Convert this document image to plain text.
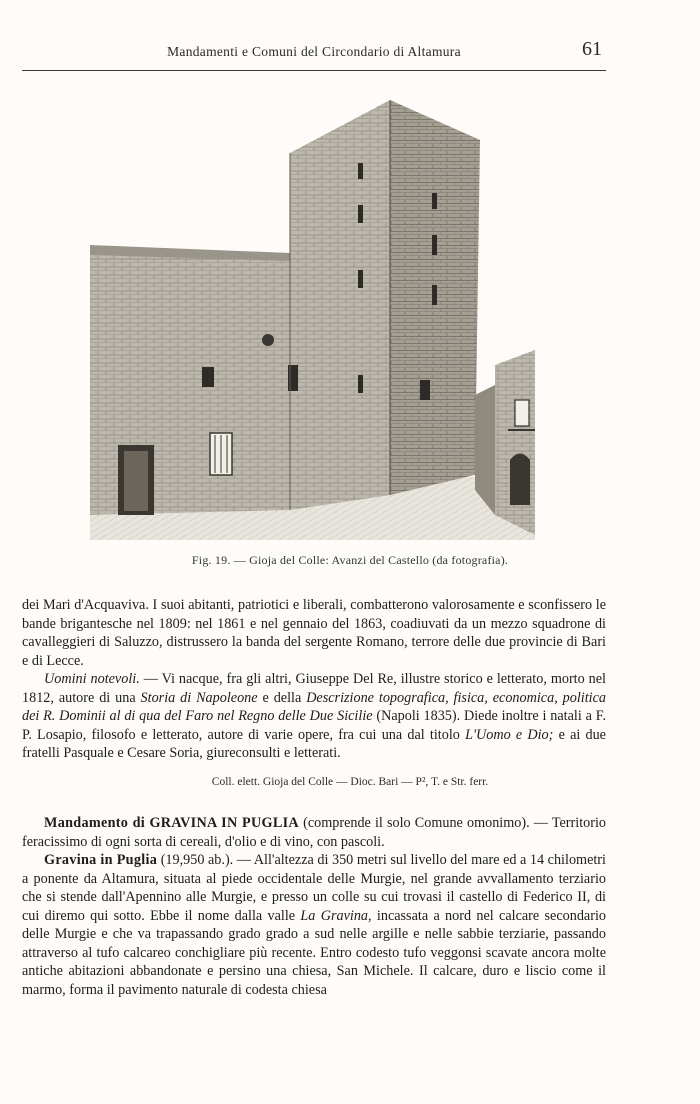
Mandamenti e Comuni del Circondario di Altamura	61
Fig. 19. — Gioja del Colle: Avanzi del Castello (da fotografia).

dei Mari d'Acquaviva. I suoi abitanti, patriotici e liberali, combatterono valorosamente e sconfissero le bande brigantesche nel 1809: nel 1861 e nel gennaio del 1863, coadiuvati da un mezzo squadrone di cavalleggieri di Saluzzo, distrussero la banda del sergente Romano, terrore delle due provincie di Bari e di Lecce.

Uomini notevoli. — Vi nacque, fra gli altri, Giuseppe Del Re, illustre storico e letterato, morto nel 1812, autore di una Storia di Napoleone e della Descrizione topografica, fisica, economica, politica dei R. Dominii al di qua del Faro nel Regno delle Due Sicilie (Napoli 1835). Diede inoltre i natali a F. P. Losapio, filosofo e letterato, autore di varie opere, fra cui una dal titolo L'Uomo e Dio; e ai due fratelli Pasquale e Cesare Soria, giureconsulti e letterati.

Coll. elett. Gioja del Colle — Dioc. Bari — P², T. e Str. ferr.

Mandamento di GRAVINA IN PUGLIA (comprende il solo Comune omonimo). — Territorio feracissimo di ogni sorta di cereali, d'olio e di vino, con pascoli.

Gravina in Puglia (19,950 ab.). — All'altezza di 350 metri sul livello del mare ed a 14 chilometri a ponente da Altamura, situata al piede occidentale delle Murgie, nel grande avvallamento terziario che si stende dall'Apennino alle Murgie, e presso un colle su cui trovasi il castello di Federico II, di cui diremo qui sotto. Ebbe il nome dalla valle La Gravina, incassata a nord nel calcare secondario delle Murgie e che va trapassando grado grado a sud nelle argille e nelle sabbie terziarie, passando attraverso al tufo calcareo conchigliare più recente. Entro codesto tufo veggonsi scavate ancora molte antiche abitazioni abbandonate e persino una chiesa, San Michele. Il calcare, duro e liscio come il marmo, forma il pavimento naturale di codesta chiesa
